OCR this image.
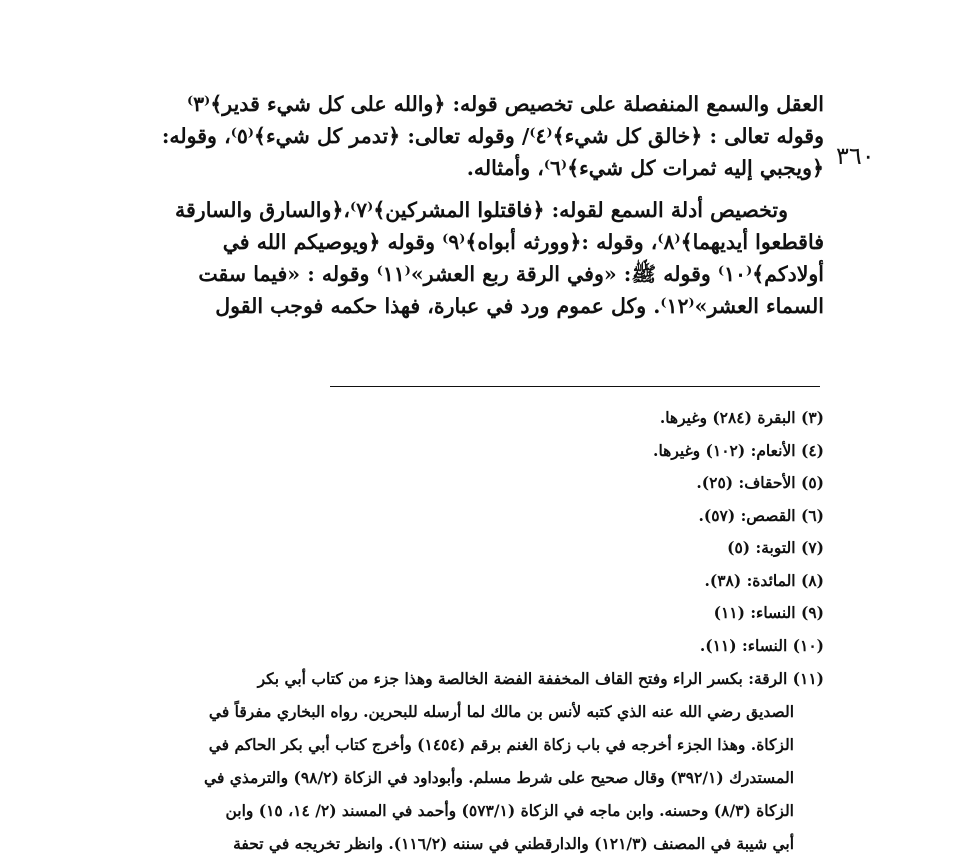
٣٦٠
العقل والسمع المنفصلة على تخصيص قوله: ﴿والله على كل شيء قدير﴾⁽٣⁾
وقوله تعالى : ﴿خالق كل شيء﴾⁽٤⁾/ وقوله تعالى: ﴿تدمر كل شيء﴾⁽٥⁾، وقوله:
﴿ويجبي إليه ثمرات كل شيء﴾⁽٦⁾، وأمثاله.
وتخصيص أدلة السمع لقوله: ﴿فاقتلوا المشركين﴾⁽٧⁾،﴿والسارق والسارقة
فاقطعوا أيديهما﴾⁽٨⁾، وقوله :﴿وورثه أبواه﴾⁽٩⁾ وقوله ﴿ويوصيكم الله في
أولادكم﴾⁽١٠⁾ وقوله ﷺ: «وفي الرقة ربع العشر»⁽١١⁾ وقوله : «فيما سقت
السماء العشر»⁽١٢⁾. وكل عموم ورد في عبارة، فهذا حكمه فوجب القول
(٣) البقرة (٢٨٤) وغيرها.
(٤) الأنعام: (١٠٢) وغيرها.
(٥) الأحقاف: (٢٥).
(٦) القصص: (٥٧).
(٧) التوبة: (٥)
(٨) المائدة: (٣٨).
(٩) النساء: (١١)
(١٠) النساء: (١١).
(١١) الرقة: بكسر الراء وفتح القاف المخففة الفضة الخالصة وهذا جزء من كتاب أبي بكر
الصديق رضي الله عنه الذي كتبه لأنس بن مالك لما أرسله للبحرين. رواه البخاري مفرقاً في
الزكاة. وهذا الجزء أخرجه في باب زكاة الغنم برقم (١٤٥٤) وأخرج كتاب أبي بكر الحاكم في
المستدرك (٣٩٢/١) وقال صحيح على شرط مسلم. وأبوداود في الزكاة (٩٨/٢) والترمذي في
الزكاة (٨/٣) وحسنه. وابن ماجه في الزكاة (٥٧٣/١) وأحمد في المسند (٢/ ١٤، ١٥) وابن
أبي شيبة في المصنف (١٢١/٣) والدارقطني في سننه (١١٦/٢). وانظر تخريجه في تحفة
